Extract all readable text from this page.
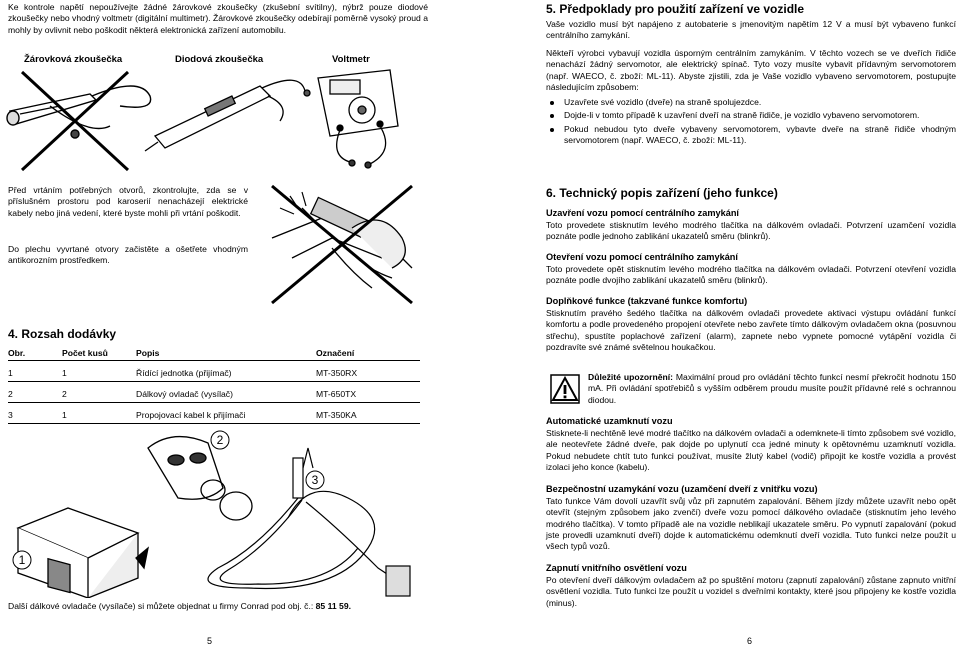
Ke kontrole napětí nepoužívejte žádné žárovkové zkoušečky (zkušební svítilny), nýbrž pouze diodové zkoušečky nebo vhodný voltmetr (digitální multimetr). Žárovkové zkoušečky odebírají poměrně vysoký proud a mohly by ovlivnit nebo poškodit některá elektronická zařízení automobilu.

Žárovková zkoušečka	Diodová zkoušečka	Voltmetr

Před vrtáním potřebných otvorů, zkontrolujte, zda se v příslušném prostoru pod karoserií nenacházejí elektrické kabely nebo jiná vedení, které byste mohli při vrtání poškodit.

Do plechu vyvrtané otvory začistěte a ošetřete vhodným antikorozním prostředkem.

4. Rozsah dodávky
Obr.	Počet kusů	Popis	Označení
1	1	Řídící jednotka (přijímač)	MT-350RX
2	2	Dálkový ovladač (vysílač)	MT-650TX
3	1	Propojovací kabel k přijímači	MT-350KA
2
3
1
Další dálkové ovladače (vysílače) si můžete objednat u firmy Conrad pod obj. č.: 85 11 59.
5
5. Předpoklady pro použití zařízení ve vozidle

Vaše vozidlo musí být napájeno z autobaterie s jmenovitým napětím 12 V a musí být vybaveno funkcí centrálního zamykání.

Někteří výrobci vybavují vozidla úsporným centrálním zamykáním. V těchto vozech se ve dveřích řidiče nenachází žádný servomotor, ale elektrický spínač. Tyto vozy musíte vybavit přídavným servomotorem (např. WAECO, č. zboží: ML-11). Abyste zjistili, zda je Vaše vozidlo vybaveno servomotorem, postupujte následujícím způsobem:

Uzavřete své vozidlo (dveře) na straně spolujezdce.
Dojde-li v tomto případě k uzavření dveří na straně řidiče, je vozidlo vybaveno servomotorem.
Pokud nebudou tyto dveře vybaveny servomotorem, vybavte dveře na straně řidiče vhodným servomotorem (např. WAECO, č. zboží: ML-11).
6. Technický popis zařízení (jeho funkce)
Uzavření vozu pomocí centrálního zamykání

Toto provedete stisknutím levého modrého tlačítka na dálkovém ovladači. Potvrzení uzamčení vozidla poznáte podle jednoho zablikání ukazatelů směru (blinkrů).

Otevření vozu pomocí centrálního zamykání

Toto provedete opět stisknutím levého modrého tlačítka na dálkovém ovladači. Potvrzení otevření vozidla poznáte podle dvojího zablikání ukazatelů směru (blinkrů).

Doplňkové funkce (takzvané funkce komfortu)

Stisknutím pravého šedého tlačítka na dálkovém ovladači provedete aktivaci výstupu ovládání funkcí komfortu a podle provedeného propojení otevřete nebo zavřete tímto dálkovým ovladačem okna (posuvnou střechu), spustíte poplachové zařízení (alarm), zapnete nebo vypnete pomocné vytápění vozidla či pozdravíte své známé světelnou houkačkou.

Důležité upozornění: Maximální proud pro ovládání těchto funkcí nesmí překročit hodnotu 150 mA. Při ovládání spotřebičů s vyšším odběrem proudu musíte použít přídavné relé s ochrannou diodou.

Automatické uzamknutí vozu

Stisknete-li nechtěně levé modré tlačítko na dálkovém ovladači a odemknete-li tímto způsobem své vozidlo, ale neotevřete žádné dveře, pak dojde po uplynutí cca jedné minuty k opětovnému uzamknutí vozidla. Pokud nebudete chtít tuto funkci používat, musíte žlutý kabel (vodič) připojit ke kostře vozidla a provést izolaci jeho konce (kabelu).

Bezpečnostní uzamykání vozu (uzamčení dveří z vnitřku vozu)

Tato funkce Vám dovolí uzavřít svůj vůz při zapnutém zapalování. Během jízdy můžete uzavřít nebo opět otevřít (stejným způsobem jako zvenčí) dveře vozu pomocí dálkového ovladače (stisknutím jeho levého modrého tlačítka). V tomto případě ale na vozidle neblikají ukazatele směru. Po vypnutí zapalování (pokud jste provedli uzamknutí dveří) dojde k automatickému odemknutí dveří vozidla. Tuto funkci nelze použít u všech typů vozů.

Zapnutí vnitřního osvětlení vozu

Po otevření dveří dálkovým ovladačem až po spuštění motoru (zapnutí zapalování) zůstane zapnuto vnitřní osvětlení vozidla. Tuto funkci lze použít u vozidel s dveřními kontakty, které jsou připojeny ke kostře vozidla (minus).

6
